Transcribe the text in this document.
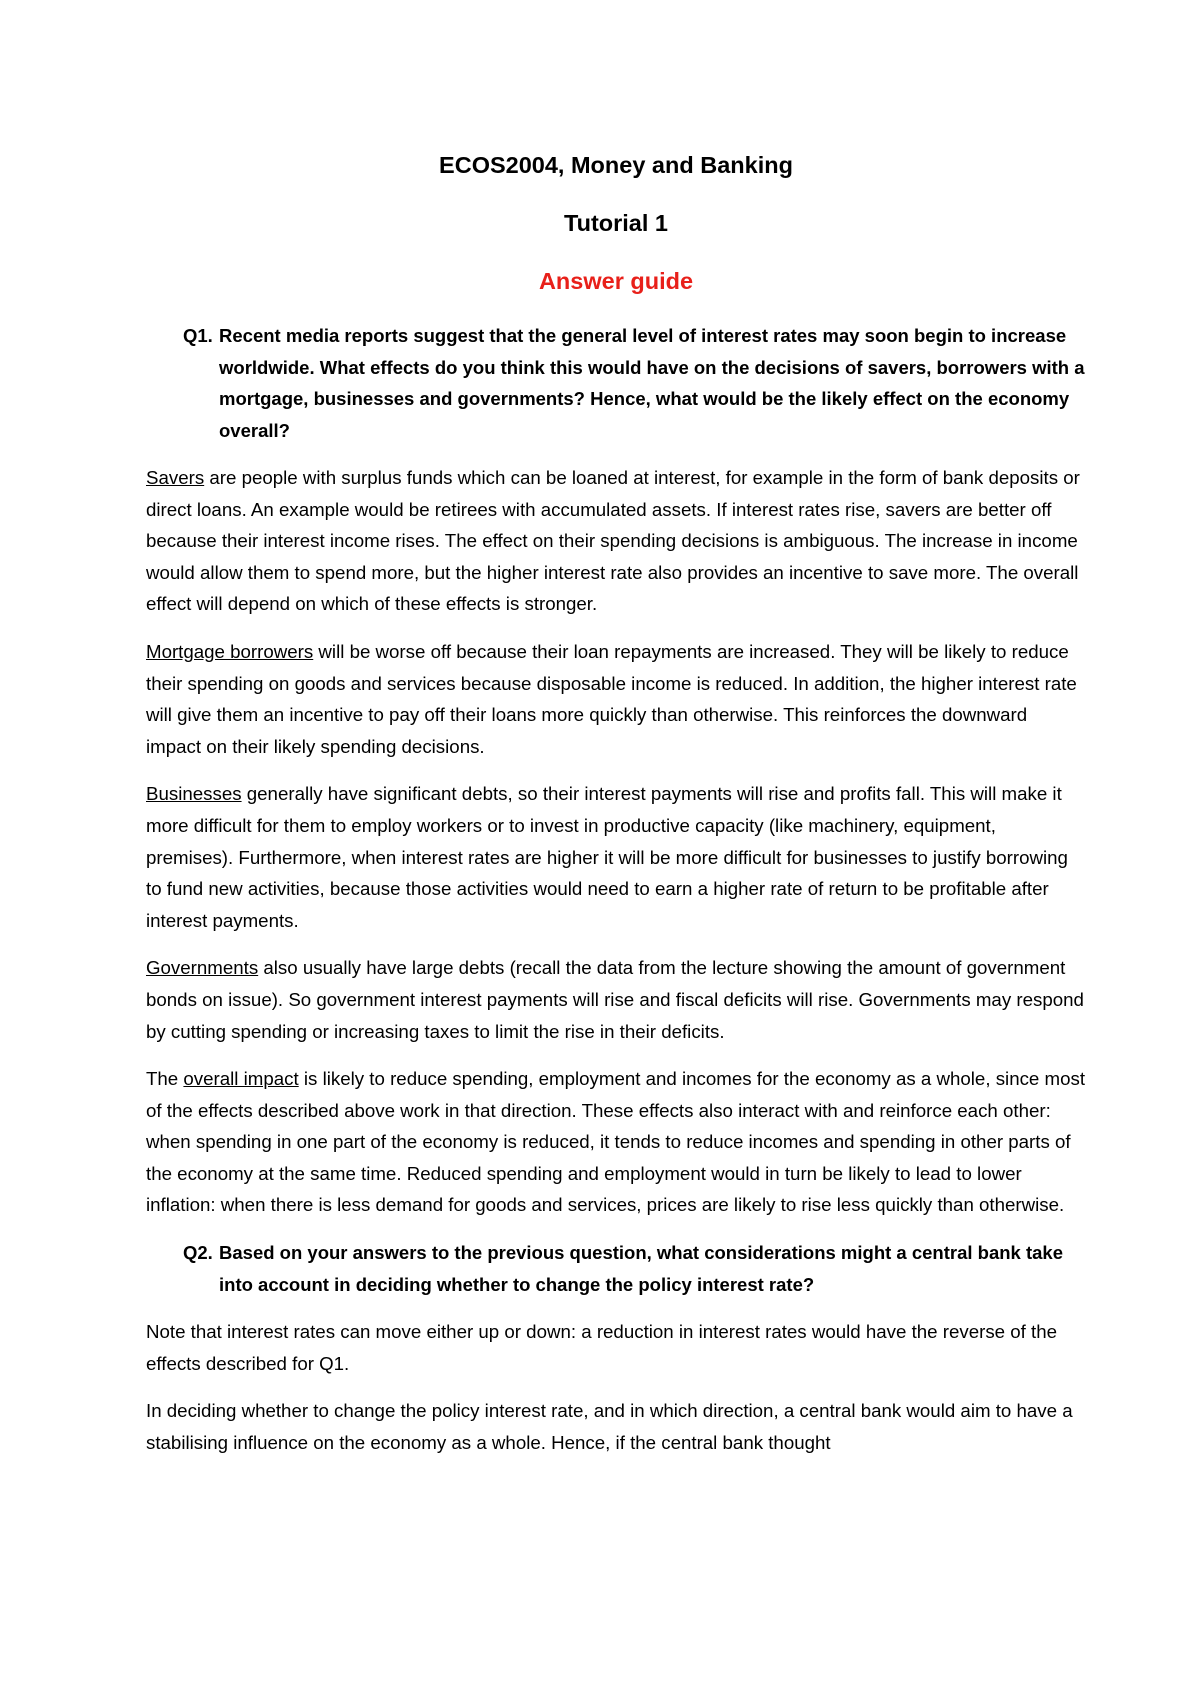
ECOS2004, Money and Banking
Tutorial 1
Answer guide
Q1. Recent media reports suggest that the general level of interest rates may soon begin to increase worldwide. What effects do you think this would have on the decisions of savers, borrowers with a mortgage, businesses and governments? Hence, what would be the likely effect on the economy overall?

Savers are people with surplus funds which can be loaned at interest, for example in the form of bank deposits or direct loans. An example would be retirees with accumulated assets. If interest rates rise, savers are better off because their interest income rises. The effect on their spending decisions is ambiguous. The increase in income would allow them to spend more, but the higher interest rate also provides an incentive to save more. The overall effect will depend on which of these effects is stronger.

Mortgage borrowers will be worse off because their loan repayments are increased. They will be likely to reduce their spending on goods and services because disposable income is reduced. In addition, the higher interest rate will give them an incentive to pay off their loans more quickly than otherwise. This reinforces the downward impact on their likely spending decisions.

Businesses generally have significant debts, so their interest payments will rise and profits fall. This will make it more difficult for them to employ workers or to invest in productive capacity (like machinery, equipment, premises). Furthermore, when interest rates are higher it will be more difficult for businesses to justify borrowing to fund new activities, because those activities would need to earn a higher rate of return to be profitable after interest payments.

Governments also usually have large debts (recall the data from the lecture showing the amount of government bonds on issue). So government interest payments will rise and fiscal deficits will rise. Governments may respond by cutting spending or increasing taxes to limit the rise in their deficits.

The overall impact is likely to reduce spending, employment and incomes for the economy as a whole, since most of the effects described above work in that direction. These effects also interact with and reinforce each other: when spending in one part of the economy is reduced, it tends to reduce incomes and spending in other parts of the economy at the same time. Reduced spending and employment would in turn be likely to lead to lower inflation: when there is less demand for goods and services, prices are likely to rise less quickly than otherwise.

Q2. Based on your answers to the previous question, what considerations might a central bank take into account in deciding whether to change the policy interest rate?

Note that interest rates can move either up or down: a reduction in interest rates would have the reverse of the effects described for Q1.

In deciding whether to change the policy interest rate, and in which direction, a central bank would aim to have a stabilising influence on the economy as a whole. Hence, if the central bank thought
